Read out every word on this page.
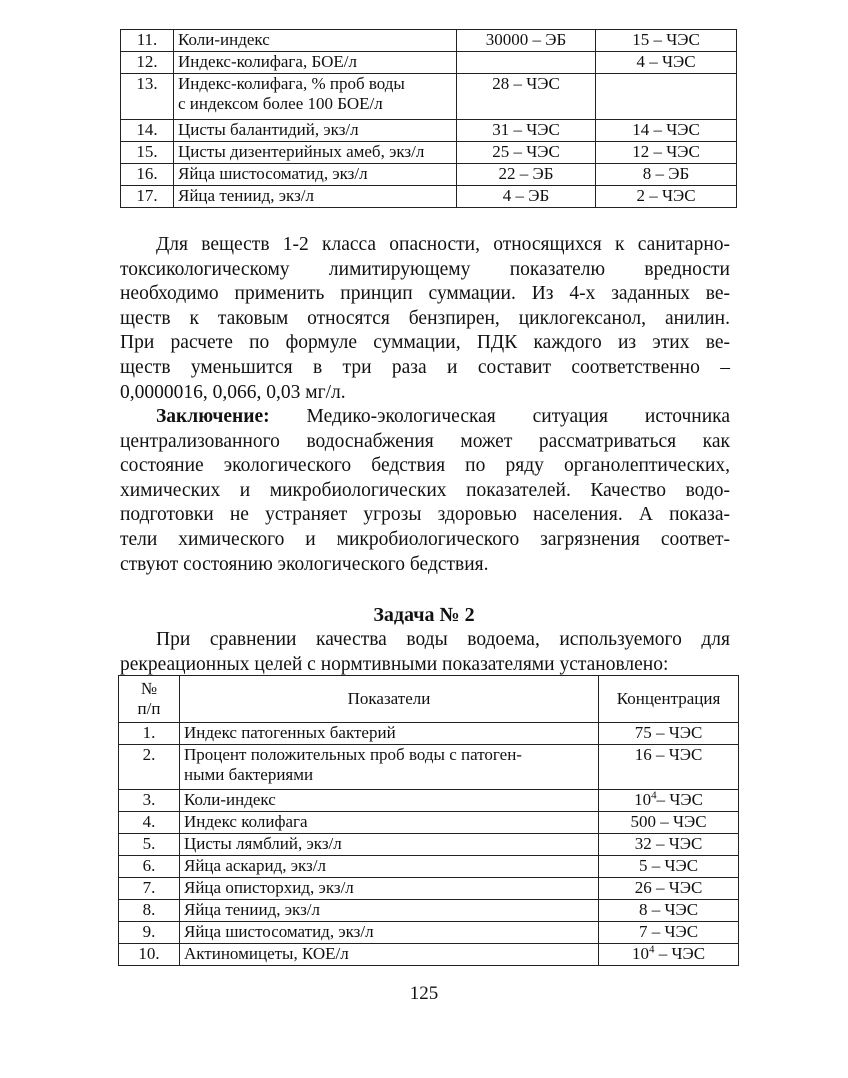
11.	Коли-индекс	30000 – ЭБ	15 – ЧЭС
12.	Индекс-колифага, БОЕ/л		4 – ЧЭС
13.	Индекс-колифага, % проб воды
с индексом более 100 БОЕ/л	28 – ЧЭС	
14.	Цисты балантидий, экз/л	31 – ЧЭС	14 – ЧЭС
15.	Цисты дизентерийных амеб, экз/л	25 – ЧЭС	12 – ЧЭС
16.	Яйца шистосоматид, экз/л	22 – ЭБ	8 – ЭБ
17.	Яйца тениид, экз/л	4 – ЭБ	2 – ЧЭС
Для веществ 1-2 класса опасности, относящихся к санитарно-
токсикологическому лимитирующему показателю вредности
необходимо применить принцип суммации. Из 4-х заданных ве-
ществ к таковым относятся бензпирен, циклогексанол, анилин.
При расчете по формуле суммации, ПДК каждого из этих ве-
ществ уменьшится в три раза и составит соответственно –
0,0000016, 0,066, 0,03 мг/л.
Заключение: Медико-экологическая ситуация источника
централизованного водоснабжения может рассматриваться как
состояние экологического бедствия по ряду органолептических,
химических и микробиологических показателей. Качество водо-
подготовки не устраняет угрозы здоровью населения. А показа-
тели химического и микробиологического загрязнения соответ-
ствуют состоянию экологического бедствия.
Задача № 2
При сравнении качества воды водоема, используемого для
рекреационных целей с нормтивными показателями установлено:
№
п/п	Показатели	Концентрация
1.	Индекс патогенных бактерий	75 – ЧЭС
2.	Процент положительных проб воды с патоген-
ными бактериями	16 – ЧЭС
3.	Коли-индекс	$10^4-$ ЧЭС
4.	Индекс колифага	500 – ЧЭС
5.	Цисты лямблий, экз/л	32 – ЧЭС
6.	Яйца аскарид, экз/л	5 – ЧЭС
7.	Яйца описторхид, экз/л	26 – ЧЭС
8.	Яйца тениид, экз/л	8 – ЧЭС
9.	Яйца шистосоматид, экз/л	7 – ЧЭС
10.	Актиномицеты, КОЕ/л	$10^4$ – ЧЭС
125
